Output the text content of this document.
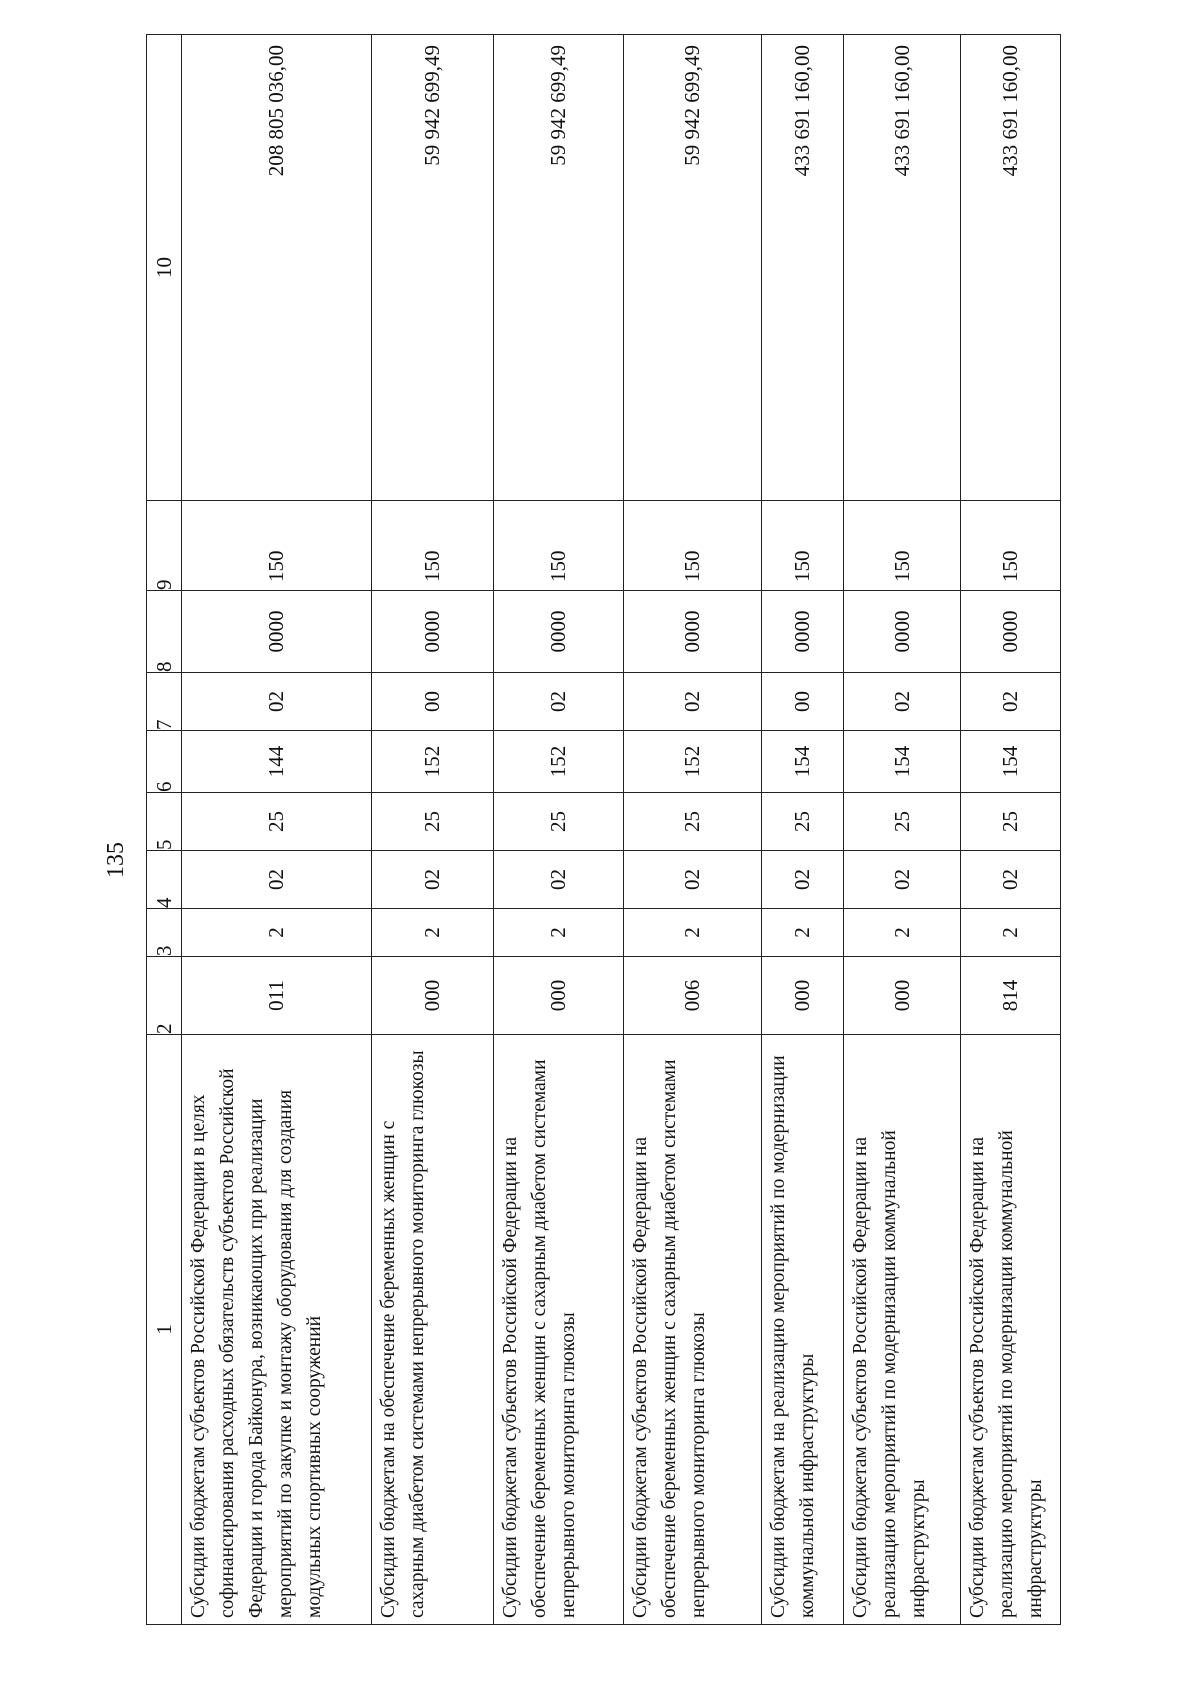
135
1	2	3	4	5	6	7	8	9	10
Субсидии бюджетам субъектов Российской Федерации в целях софинансирования расходных обязательств субъектов Российской Федерации и города Байконура, возникающих при реализации мероприятий по закупке и монтажу оборудования для создания модульных спортивных сооружений	011	2	02	25	144	02	0000	150	208 805 036,00
Субсидии бюджетам на обеспечение беременных женщин с сахарным диабетом системами непрерывного мониторинга глюкозы	000	2	02	25	152	00	0000	150	59 942 699,49
Субсидии бюджетам субъектов Российской Федерации на обеспечение беременных женщин с сахарным диабетом системами непрерывного мониторинга глюкозы	000	2	02	25	152	02	0000	150	59 942 699,49
Субсидии бюджетам субъектов Российской Федерации на обеспечение беременных женщин с сахарным диабетом системами непрерывного мониторинга глюкозы	006	2	02	25	152	02	0000	150	59 942 699,49
Субсидии бюджетам на реализацию мероприятий по модернизации коммунальной инфраструктуры	000	2	02	25	154	00	0000	150	433 691 160,00
Субсидии бюджетам субъектов Российской Федерации на реализацию мероприятий по модернизации коммунальной инфраструктуры	000	2	02	25	154	02	0000	150	433 691 160,00
Субсидии бюджетам субъектов Российской Федерации на реализацию мероприятий по модернизации коммунальной инфраструктуры	814	2	02	25	154	02	0000	150	433 691 160,00
